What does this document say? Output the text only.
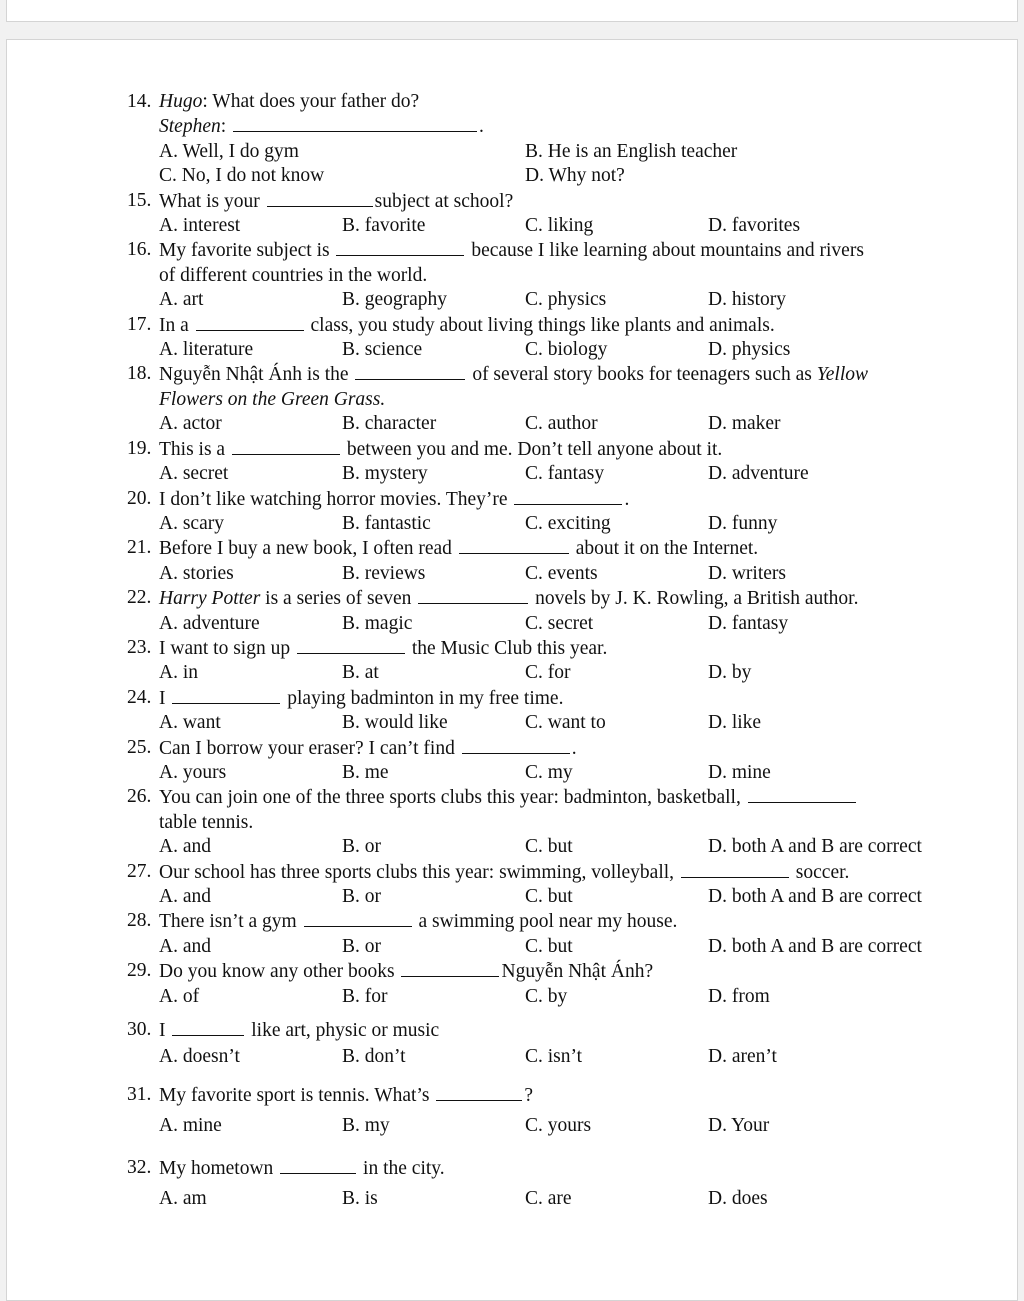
14. Hugo: What does your father do?
Stephen:	.
A. Well, I do gym	B. He is an English teacher
C. No, I do not know	D. Why not?
15. What is your	subject at school?
A. interest	B. favorite	C. liking	D. favorites
16. My favorite subject is	because I like learning about mountains and rivers
of different countries in the world.
A. art	B. geography	C. physics	D. history
17. In a	class, you study about living things like plants and animals.
A. literature	B. science	C. biology	D. physics
18. Nguyễn Nhật Ánh is the	of several story books for teenagers such as Yellow
Flowers on the Green Grass.
A. actor	B. character	C. author	D. maker
19. This is a	between you and me. Don’t tell anyone about it.
A. secret	B. mystery	C. fantasy	D. adventure
20. I don’t like watching horror movies. They’re	.
A. scary	B. fantastic	C. exciting	D. funny
21. Before I buy a new book, I often read	about it on the Internet.
A. stories	B. reviews	C. events	D. writers
22. Harry Potter is a series of seven	novels by J. K. Rowling, a British author.
A. adventure	B. magic	C. secret	D. fantasy
23. I want to sign up	the Music Club this year.
A. in	B. at	C. for	D. by
24. I	playing badminton in my free time.
A. want	B. would like	C. want to	D. like
25. Can I borrow your eraser? I can’t find	.
A. yours	B. me	C. my	D. mine
26. You can join one of the three sports clubs this year: badminton, basketball,
table tennis.
A. and	B. or	C. but	D. both A and B are correct
27. Our school has three sports clubs this year: swimming, volleyball,	soccer.
A. and	B. or	C. but	D. both A and B are correct
28. There isn’t a gym	a swimming pool near my house.
A. and	B. or	C. but	D. both A and B are correct
29. Do you know any other books	Nguyễn Nhật Ánh?
A. of	B. for	C. by	D. from
30. I	like art, physic or music
A. doesn’t	B. don’t	C. isn’t	D. aren’t
31. My favorite sport is tennis. What’s	?
A. mine	B. my	C. yours	D. Your
32. My hometown	in the city.
A. am	B. is	C. are	D. does
